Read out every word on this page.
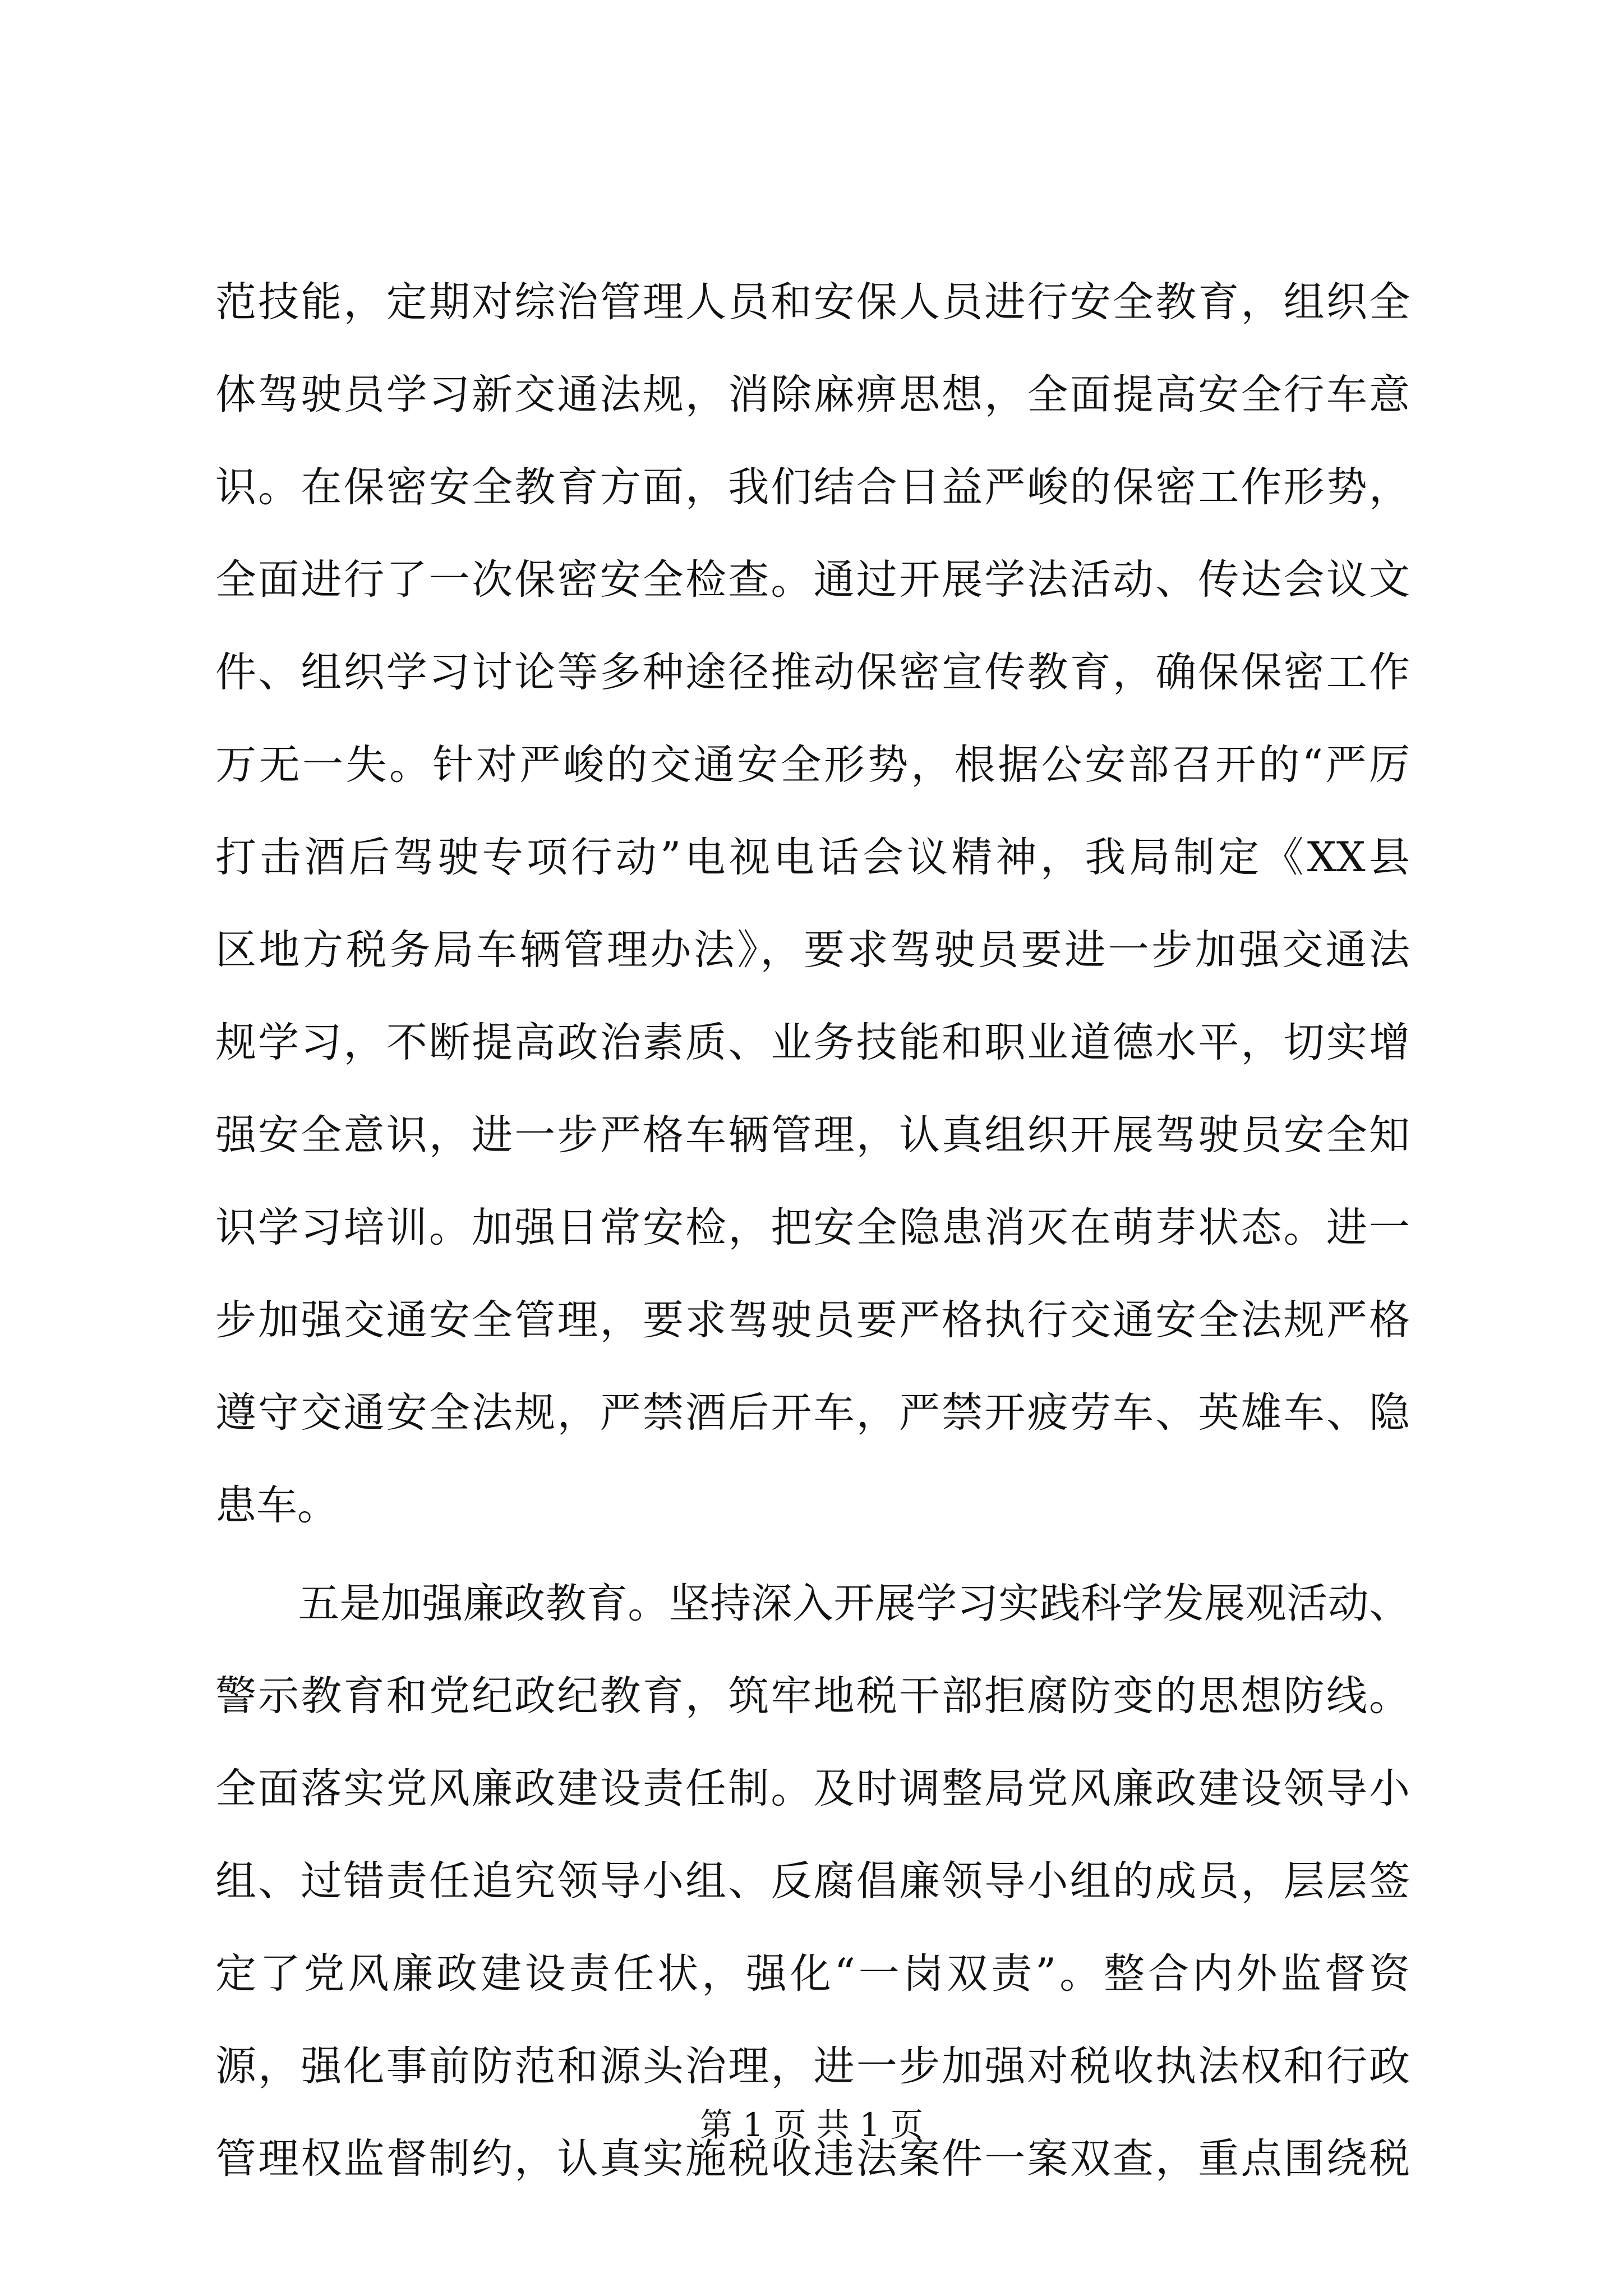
范技能，定期对综治管理人员和安保人员进行安全教育，组织全
体驾驶员学习新交通法规，消除麻痹思想，全面提高安全行车意
识。在保密安全教育方面，我们结合日益严峻的保密工作形势，
全面进行了一次保密安全检查。通过开展学法活动、传达会议文
件、组织学习讨论等多种途径推动保密宣传教育，确保保密工作
万无一失。针对严峻的交通安全形势，根据公安部召开的“严厉
打击酒后驾驶专项行动”电视电话会议精神，我局制定《XX县
区地方税务局车辆管理办法》，要求驾驶员要进一步加强交通法
规学习，不断提高政治素质、业务技能和职业道德水平，切实增
强安全意识，进一步严格车辆管理，认真组织开展驾驶员安全知
识学习培训。加强日常安检，把安全隐患消灭在萌芽状态。进一
步加强交通安全管理，要求驾驶员要严格执行交通安全法规严格
遵守交通安全法规，严禁酒后开车，严禁开疲劳车、英雄车、隐
患车。
五是加强廉政教育。坚持深入开展学习实践科学发展观活动、
警示教育和党纪政纪教育，筑牢地税干部拒腐防变的思想防线。
全面落实党风廉政建设责任制。及时调整局党风廉政建设领导小
组、过错责任追究领导小组、反腐倡廉领导小组的成员，层层签
定了党风廉政建设责任状，强化“一岗双责”。整合内外监督资
源，强化事前防范和源头治理，进一步加强对税收执法权和行政
管理权监督制约，认真实施税收违法案件一案双查，重点围绕税
第 1 页 共 1 页
